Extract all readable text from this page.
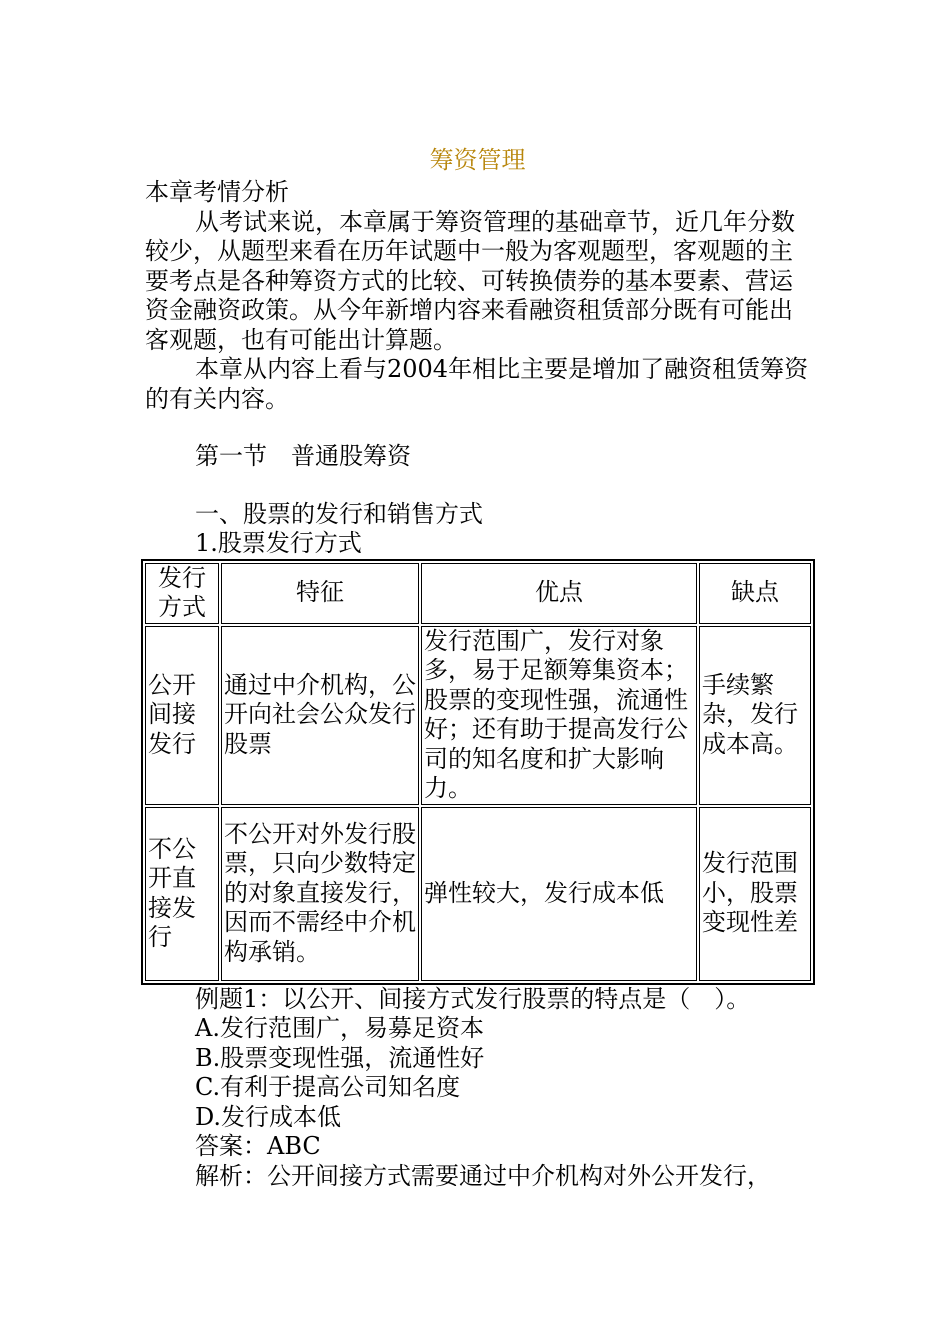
筹资管理
本章考情分析
从考试来说，本章属于筹资管理的基础章节，近几年分数较少，从题型来看在历年试题中一般为客观题型，客观题的主要考点是各种筹资方式的比较、可转换债券的基本要素、营运资金融资政策。从今年新增内容来看融资租赁部分既有可能出客观题，也有可能出计算题。
本章从内容上看与2004年相比主要是增加了融资租赁筹资的有关内容。
第一节　普通股筹资
一、股票的发行和销售方式
1.股票发行方式
发行方式	特征	优点	缺点
公开间接发行	通过中介机构，公开向社会公众发行股票	发行范围广，发行对象多，易于足额筹集资本；股票的变现性强，流通性好；还有助于提高发行公司的知名度和扩大影响力。	手续繁杂，发行成本高。
不公开直接发行	不公开对外发行股票，只向少数特定的对象直接发行，因而不需经中介机构承销。	弹性较大，发行成本低	发行范围小，股票变现性差
例题1：以公开、间接方式发行股票的特点是（　）。
A.发行范围广，易募足资本
B.股票变现性强，流通性好
C.有利于提高公司知名度
D.发行成本低
答案：ABC
解析：公开间接方式需要通过中介机构对外公开发行，
